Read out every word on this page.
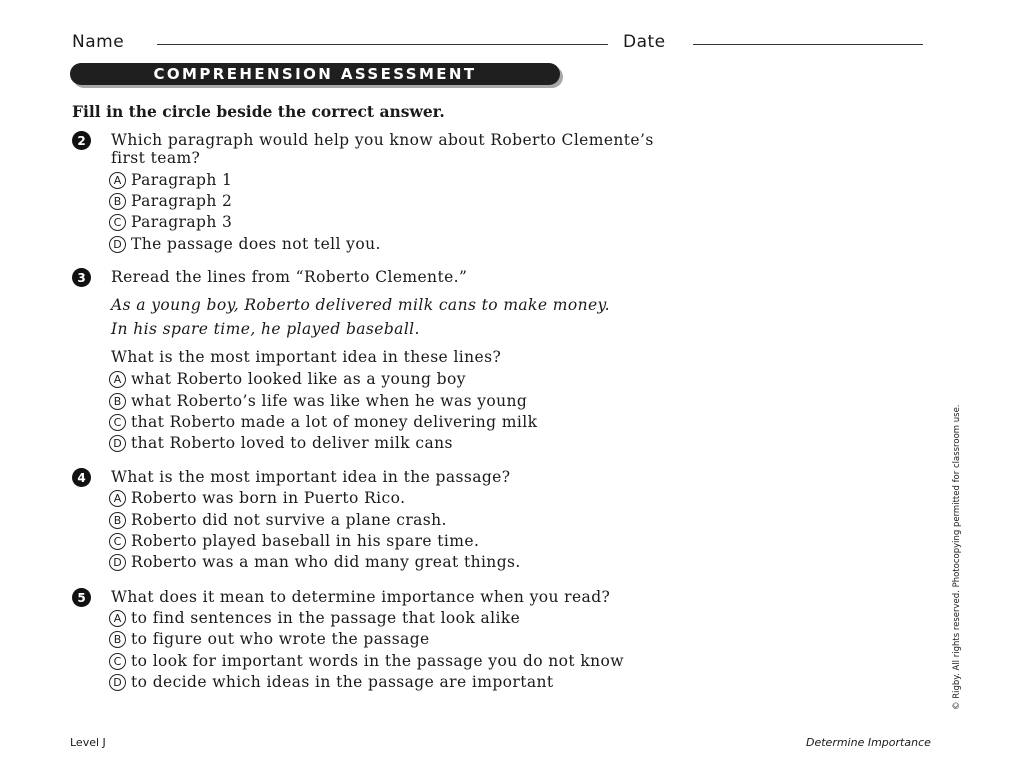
Name	Date
COMPREHENSION ASSESSMENT
Fill in the circle beside the correct answer.
2	Which paragraph would help you know about Roberto Clemente’s
first team?
A Paragraph 1
B Paragraph 2
C Paragraph 3
D The passage does not tell you.
3	Reread the lines from “Roberto Clemente.”
As a young boy, Roberto delivered milk cans to make money.
In his spare time, he played baseball.
What is the most important idea in these lines?
A what Roberto looked like as a young boy
B what Roberto’s life was like when he was young
C that Roberto made a lot of money delivering milk
D that Roberto loved to deliver milk cans
4	What is the most important idea in the passage?
A Roberto was born in Puerto Rico.
B Roberto did not survive a plane crash.
C Roberto played baseball in his spare time.
D Roberto was a man who did many great things.
5	What does it mean to determine importance when you read?
A to find sentences in the passage that look alike
B to figure out who wrote the passage
C to look for important words in the passage you do not know
D to decide which ideas in the passage are important
Level J	Determine Importance
© Rigby. All rights reserved. Photocopying permitted for classroom use.
